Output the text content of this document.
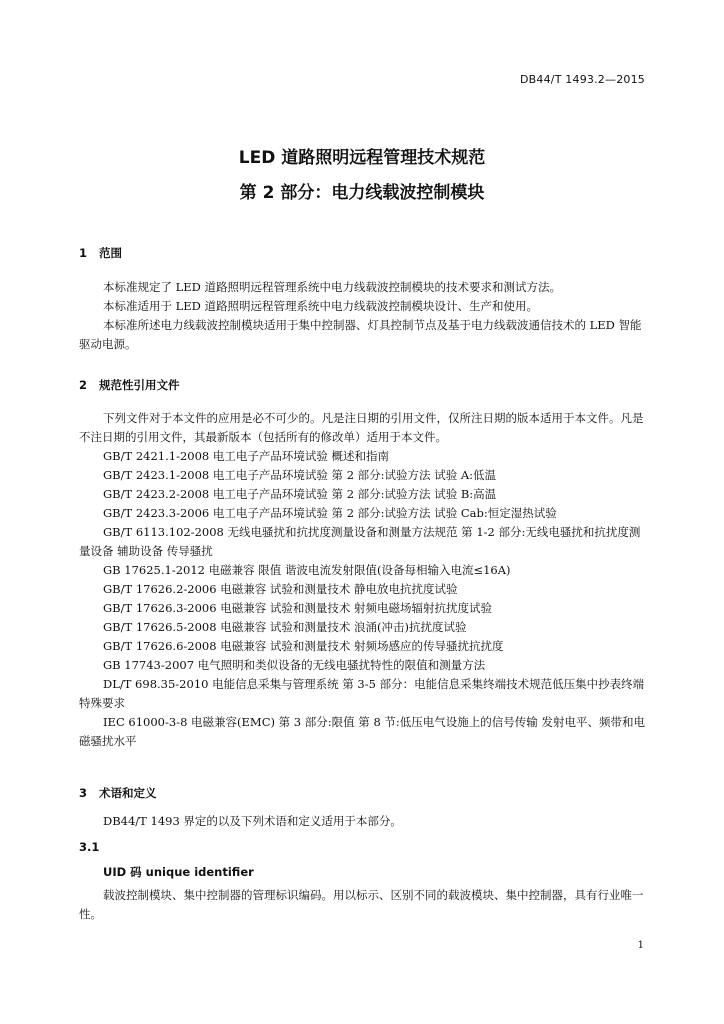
DB44/T 1493.2—2015
LED 道路照明远程管理技术规范
第 2 部分：电力线载波控制模块
1 范围

本标准规定了 LED 道路照明远程管理系统中电力线载波控制模块的技术要求和测试方法。

本标准适用于 LED 道路照明远程管理系统中电力线载波控制模块设计、生产和使用。

本标准所述电力线载波控制模块适用于集中控制器、灯具控制节点及基于电力线载波通信技术的 LED 智能驱动电源。

2 规范性引用文件

下列文件对于本文件的应用是必不可少的。凡是注日期的引用文件，仅所注日期的版本适用于本文件。凡是不注日期的引用文件，其最新版本（包括所有的修改单）适用于本文件。

GB/T 2421.1-2008 电工电子产品环境试验 概述和指南

GB/T 2423.1-2008 电工电子产品环境试验 第 2 部分:试验方法 试验 A:低温

GB/T 2423.2-2008 电工电子产品环境试验 第 2 部分:试验方法 试验 B:高温

GB/T 2423.3-2006 电工电子产品环境试验 第 2 部分:试验方法 试验 Cab:恒定湿热试验

GB/T 6113.102-2008 无线电骚扰和抗扰度测量设备和测量方法规范 第 1-2 部分:无线电骚扰和抗扰度测量设备 辅助设备 传导骚扰

GB 17625.1-2012 电磁兼容 限值 谐波电流发射限值(设备每相输入电流≤16A)

GB/T 17626.2-2006 电磁兼容 试验和测量技术 静电放电抗扰度试验

GB/T 17626.3-2006 电磁兼容 试验和测量技术 射频电磁场辐射抗扰度试验

GB/T 17626.5-2008 电磁兼容 试验和测量技术 浪涌(冲击)抗扰度试验

GB/T 17626.6-2008 电磁兼容 试验和测量技术 射频场感应的传导骚扰抗扰度

GB 17743-2007 电气照明和类似设备的无线电骚扰特性的限值和测量方法

DL/T 698.35-2010 电能信息采集与管理系统 第 3-5 部分：电能信息采集终端技术规范低压集中抄表终端特殊要求

IEC 61000-3-8 电磁兼容(EMC) 第 3 部分:限值 第 8 节:低压电气设施上的信号传输 发射电平、频带和电磁骚扰水平

3 术语和定义

DB44/T 1493 界定的以及下列术语和定义适用于本部分。

3.1
UID 码 unique identifier

载波控制模块、集中控制器的管理标识编码。用以标示、区别不同的载波模块、集中控制器，具有行业唯一性。

1
